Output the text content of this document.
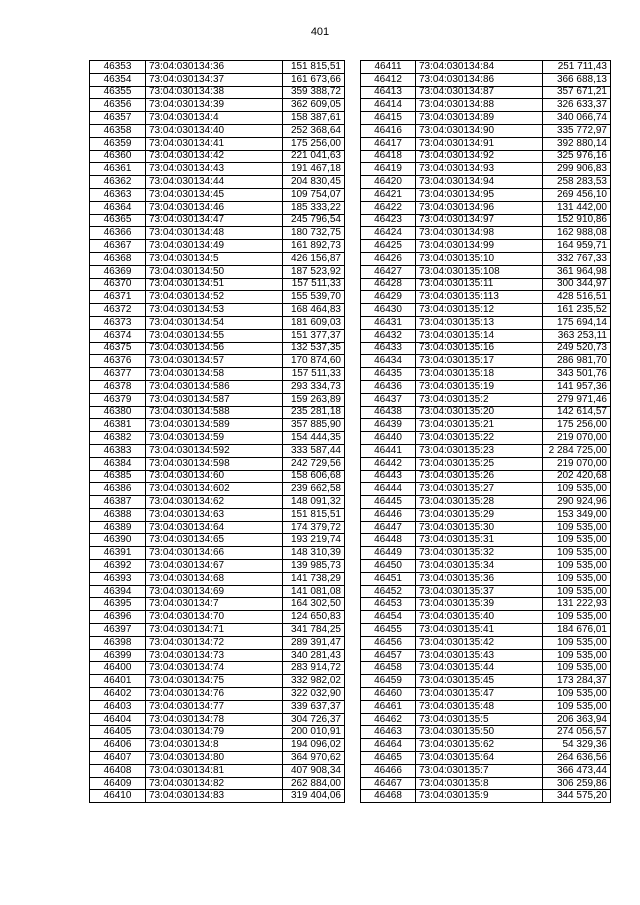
401
46353	73:04:030134:36	151 815,51
46354	73:04:030134:37	161 673,66
46355	73:04:030134:38	359 388,72
46356	73:04:030134:39	362 609,05
46357	73:04:030134:4	158 387,61
46358	73:04:030134:40	252 368,64
46359	73:04:030134:41	175 256,00
46360	73:04:030134:42	221 041,63
46361	73:04:030134:43	191 467,18
46362	73:04:030134:44	204 830,45
46363	73:04:030134:45	109 754,07
46364	73:04:030134:46	185 333,22
46365	73:04:030134:47	245 796,54
46366	73:04:030134:48	180 732,75
46367	73:04:030134:49	161 892,73
46368	73:04:030134:5	426 156,87
46369	73:04:030134:50	187 523,92
46370	73:04:030134:51	157 511,33
46371	73:04:030134:52	155 539,70
46372	73:04:030134:53	168 464,83
46373	73:04:030134:54	181 609,03
46374	73:04:030134:55	151 377,37
46375	73:04:030134:56	132 537,35
46376	73:04:030134:57	170 874,60
46377	73:04:030134:58	157 511,33
46378	73:04:030134:586	293 334,73
46379	73:04:030134:587	159 263,89
46380	73:04:030134:588	235 281,18
46381	73:04:030134:589	357 885,90
46382	73:04:030134:59	154 444,35
46383	73:04:030134:592	333 587,44
46384	73:04:030134:598	242 729,56
46385	73:04:030134:60	158 606,68
46386	73:04:030134:602	239 662,58
46387	73:04:030134:62	148 091,32
46388	73:04:030134:63	151 815,51
46389	73:04:030134:64	174 379,72
46390	73:04:030134:65	193 219,74
46391	73:04:030134:66	148 310,39
46392	73:04:030134:67	139 985,73
46393	73:04:030134:68	141 738,29
46394	73:04:030134:69	141 081,08
46395	73:04:030134:7	164 302,50
46396	73:04:030134:70	124 650,83
46397	73:04:030134:71	341 784,25
46398	73:04:030134:72	289 391,47
46399	73:04:030134:73	340 281,43
46400	73:04:030134:74	283 914,72
46401	73:04:030134:75	332 982,02
46402	73:04:030134:76	322 032,90
46403	73:04:030134:77	339 637,37
46404	73:04:030134:78	304 726,37
46405	73:04:030134:79	200 010,91
46406	73:04:030134:8	194 096,02
46407	73:04:030134:80	364 970,62
46408	73:04:030134:81	407 908,34
46409	73:04:030134:82	262 884,00
46410	73:04:030134:83	319 404,06
46411	73:04:030134:84	251 711,43
46412	73:04:030134:86	366 688,13
46413	73:04:030134:87	357 671,21
46414	73:04:030134:88	326 633,37
46415	73:04:030134:89	340 066,74
46416	73:04:030134:90	335 772,97
46417	73:04:030134:91	392 880,14
46418	73:04:030134:92	325 976,16
46419	73:04:030134:93	299 906,83
46420	73:04:030134:94	258 283,53
46421	73:04:030134:95	269 456,10
46422	73:04:030134:96	131 442,00
46423	73:04:030134:97	152 910,86
46424	73:04:030134:98	162 988,08
46425	73:04:030134:99	164 959,71
46426	73:04:030135:10	332 767,33
46427	73:04:030135:108	361 964,98
46428	73:04:030135:11	300 344,97
46429	73:04:030135:113	428 516,51
46430	73:04:030135:12	161 235,52
46431	73:04:030135:13	175 694,14
46432	73:04:030135:14	363 253,11
46433	73:04:030135:16	249 520,73
46434	73:04:030135:17	286 981,70
46435	73:04:030135:18	343 501,76
46436	73:04:030135:19	141 957,36
46437	73:04:030135:2	279 971,46
46438	73:04:030135:20	142 614,57
46439	73:04:030135:21	175 256,00
46440	73:04:030135:22	219 070,00
46441	73:04:030135:23	2 284 725,00
46442	73:04:030135:25	219 070,00
46443	73:04:030135:26	202 420,68
46444	73:04:030135:27	109 535,00
46445	73:04:030135:28	290 924,96
46446	73:04:030135:29	153 349,00
46447	73:04:030135:30	109 535,00
46448	73:04:030135:31	109 535,00
46449	73:04:030135:32	109 535,00
46450	73:04:030135:34	109 535,00
46451	73:04:030135:36	109 535,00
46452	73:04:030135:37	109 535,00
46453	73:04:030135:39	131 222,93
46454	73:04:030135:40	109 535,00
46455	73:04:030135:41	184 676,01
46456	73:04:030135:42	109 535,00
46457	73:04:030135:43	109 535,00
46458	73:04:030135:44	109 535,00
46459	73:04:030135:45	173 284,37
46460	73:04:030135:47	109 535,00
46461	73:04:030135:48	109 535,00
46462	73:04:030135:5	206 363,94
46463	73:04:030135:50	274 056,57
46464	73:04:030135:62	54 329,36
46465	73:04:030135:64	264 636,56
46466	73:04:030135:7	366 473,44
46467	73:04:030135:8	306 259,86
46468	73:04:030135:9	344 575,20
